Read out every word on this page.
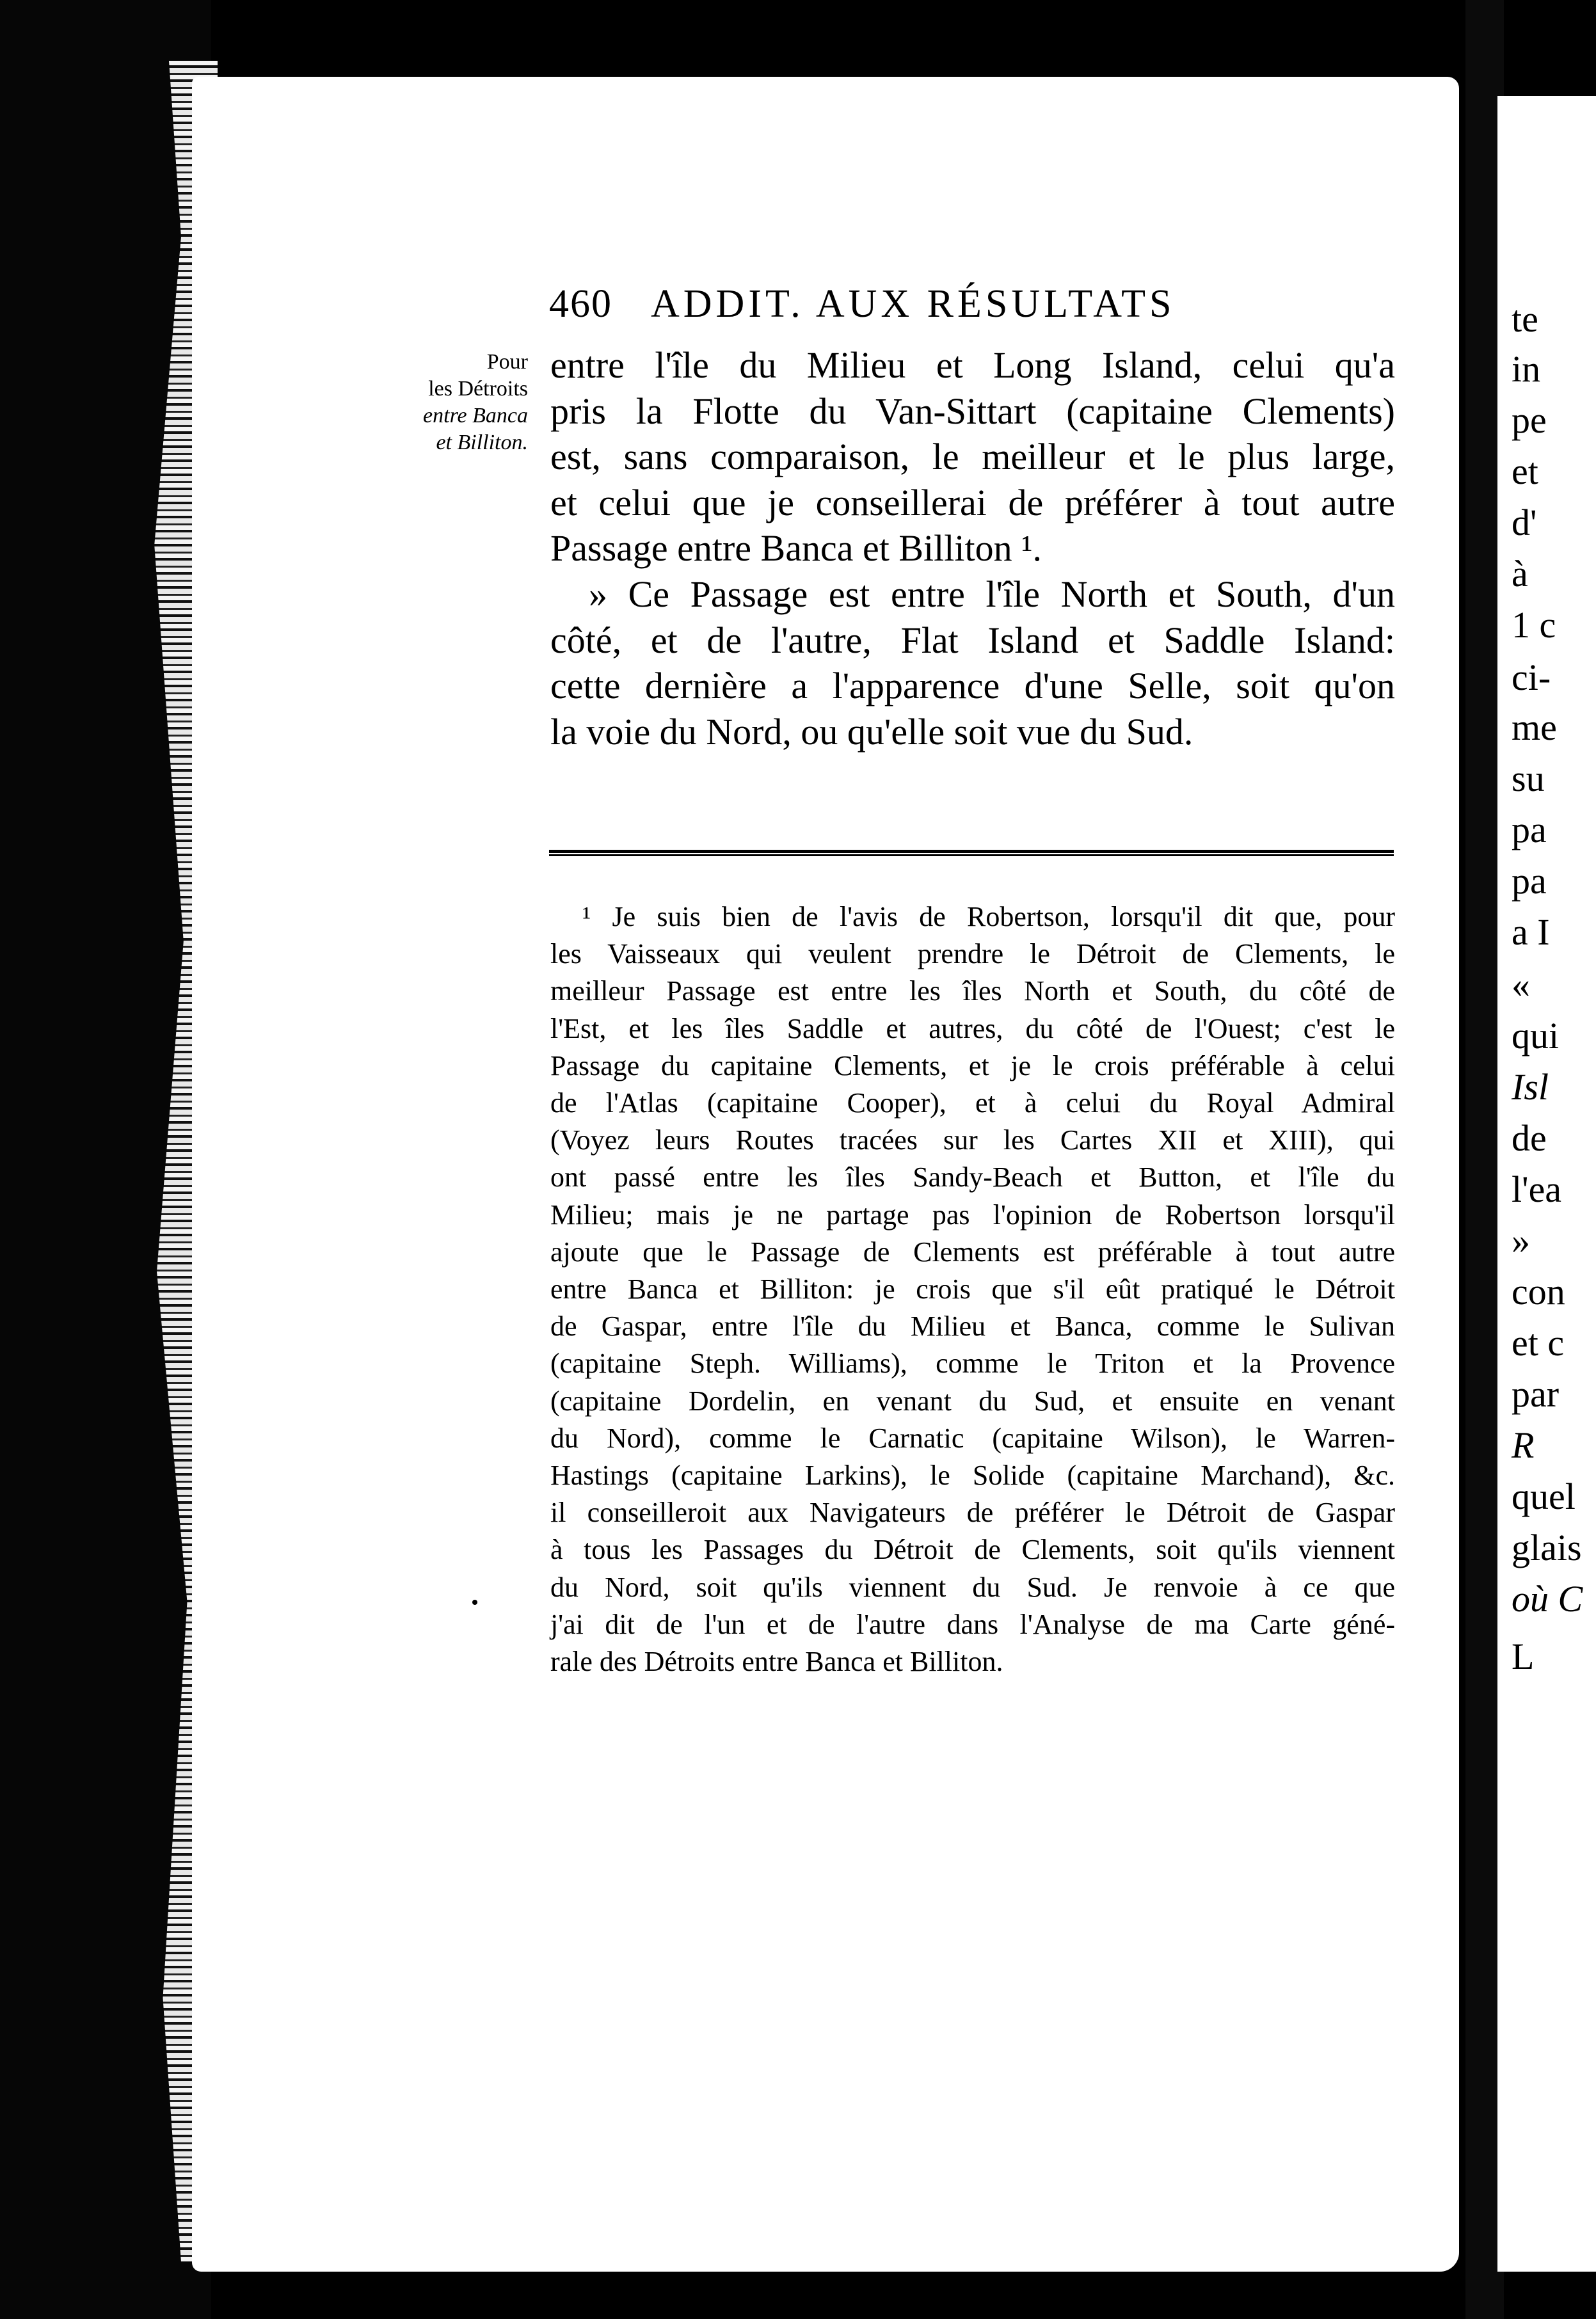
te
in
pe
et
d'
à
1 c
ci-
me
su
pa
pa
a I
«
qui
Isl
de
l'ea
»
con
et c
par
R
quel
glais
où C
L
460 ADDIT. AUX RÉSULTATS
Pour
les Détroits
entre Banca
et Billiton.
entre l'île du Milieu et Long Island, celui qu'a
pris la Flotte du Van-Sittart (capitaine Clements)
est, sans comparaison, le meilleur et le plus large,
et celui que je conseillerai de préférer à tout autre
Passage entre Banca et Billiton ¹.
» Ce Passage est entre l'île North et South, d'un
côté, et de l'autre, Flat Island et Saddle Island:
cette dernière a l'apparence d'une Selle, soit qu'on
la voie du Nord, ou qu'elle soit vue du Sud.
¹ Je suis bien de l'avis de Robertson, lorsqu'il dit que, pour
les Vaisseaux qui veulent prendre le Détroit de Clements, le
meilleur Passage est entre les îles North et South, du côté de
l'Est, et les îles Saddle et autres, du côté de l'Ouest; c'est le
Passage du capitaine Clements, et je le crois préférable à celui
de l'Atlas (capitaine Cooper), et à celui du Royal Admiral
(Voyez leurs Routes tracées sur les Cartes XII et XIII), qui
ont passé entre les îles Sandy-Beach et Button, et l'île du
Milieu; mais je ne partage pas l'opinion de Robertson lorsqu'il
ajoute que le Passage de Clements est préférable à tout autre
entre Banca et Billiton: je crois que s'il eût pratiqué le Détroit
de Gaspar, entre l'île du Milieu et Banca, comme le Sulivan
(capitaine Steph. Williams), comme le Triton et la Provence
(capitaine Dordelin, en venant du Sud, et ensuite en venant
du Nord), comme le Carnatic (capitaine Wilson), le Warren-
Hastings (capitaine Larkins), le Solide (capitaine Marchand), &c.
il conseilleroit aux Navigateurs de préférer le Détroit de Gaspar
à tous les Passages du Détroit de Clements, soit qu'ils viennent
du Nord, soit qu'ils viennent du Sud. Je renvoie à ce que
j'ai dit de l'un et de l'autre dans l'Analyse de ma Carte géné-
rale des Détroits entre Banca et Billiton.
